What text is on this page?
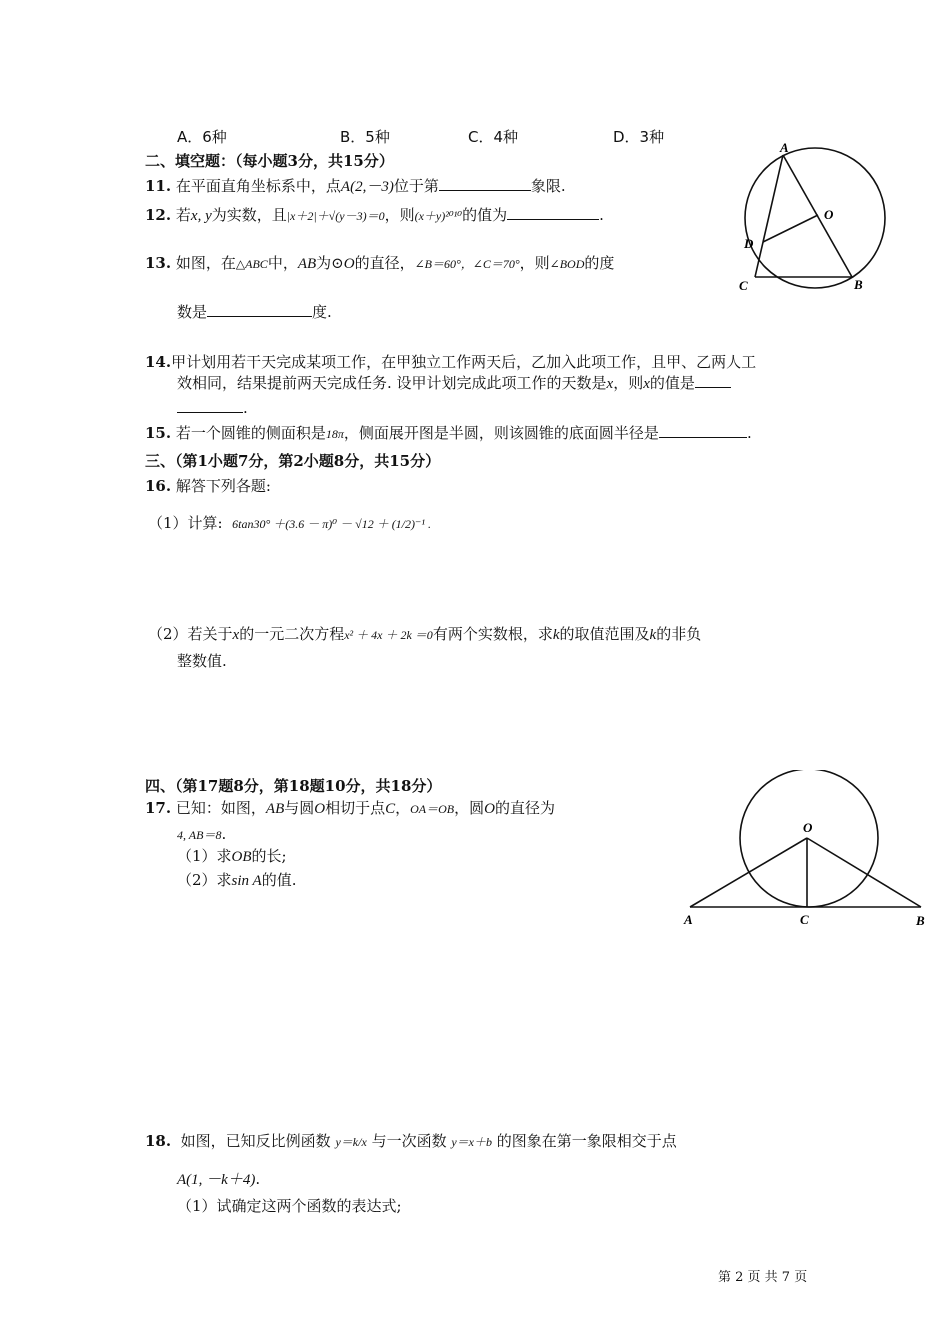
A．6种	B．5种	C．4种	D．3种
二、填空题：（每小题3分，共15分）
11. 在平面直角坐标系中，点A(2,－3)位于第	象限.
12. 若x, y为实数，且|x＋2|＋√(y－3)＝0，则(x＋y)²⁰¹⁰的值为	.
13. 如图，在△ABC中，AB为⊙O的直径，∠B＝60°，∠C＝70°，则∠BOD的度
数是	度.
A
O
D
C	B
14.甲计划用若干天完成某项工作，在甲独立工作两天后，乙加入此项工作，且甲、乙两人工
效相同，结果提前两天完成任务. 设甲计划完成此项工作的天数是x，则x的值是
.
15. 若一个圆锥的侧面积是18π，侧面展开图是半圆，则该圆锥的底面圆半径是	.
三、（第1小题7分，第2小题8分，共15分）
16. 解答下列各题:
（1）计算: 6tan30° ＋(3.6 － π)⁰ － √12 ＋ (1/2)⁻¹ .
（2）若关于x的一元二次方程x² ＋ 4x ＋ 2k ＝0有两个实数根，求k的取值范围及k的非负
整数值.
四、（第17题8分，第18题10分，共18分）
17. 已知：如图，AB与圆O相切于点C，OA＝OB，圆O的直径为
4, AB＝8.
（1）求OB的长;
（2）求sin A的值.
O
A	C	B
18. 如图，已知反比例函数 y＝k/x 与一次函数 y＝x＋b 的图象在第一象限相交于点
A(1, －k＋4).
（1）试确定这两个函数的表达式;
第 2 页 共 7 页
